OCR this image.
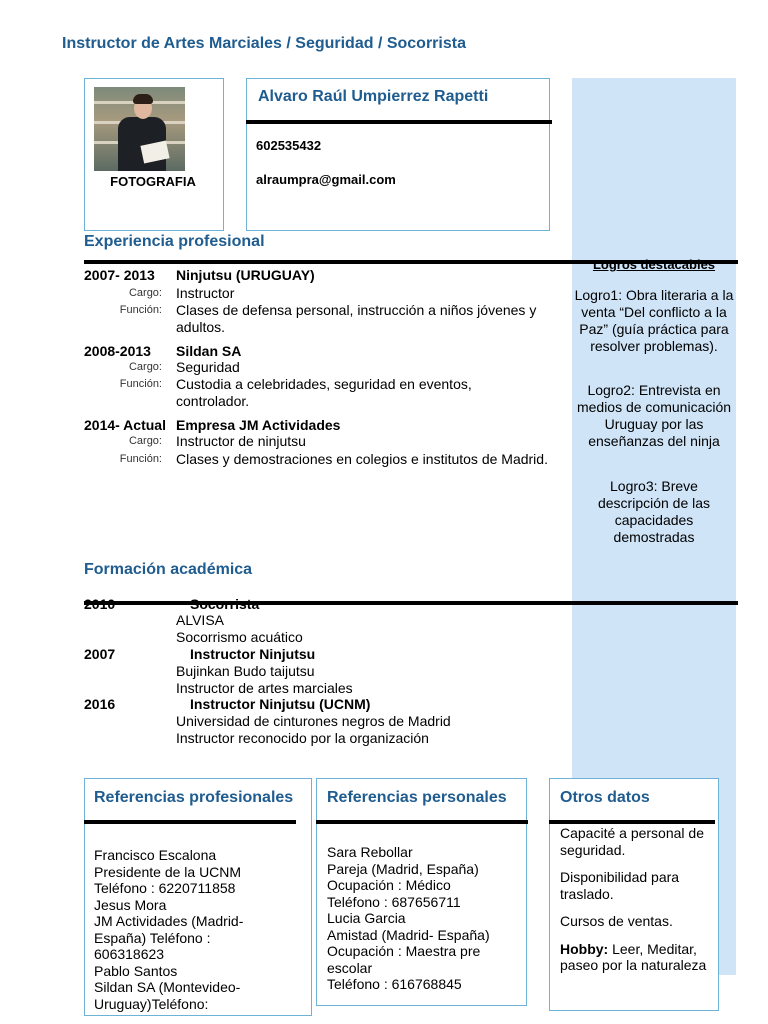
Instructor de Artes Marciales / Seguridad / Socorrista
FOTOGRAFIA
Alvaro Raúl Umpierrez Rapetti
602535432
alraumpra@gmail.com
Experiencia profesional
2007- 2013 Ninjutsu (URUGUAY)
Cargo: Instructor
Función: Clases de defensa personal, instrucción a niños jóvenes y adultos.
2008-2013 Sildan SA
Cargo: Seguridad
Función: Custodia a celebridades, seguridad en eventos, controlador.
2014- Actual Empresa JM Actividades
Cargo: Instructor de ninjutsu
Función: Clases y demostraciones en colegios e institutos de Madrid.
Logros destacables
Logro1: Obra literaria a la venta “Del conflicto a la Paz” (guía práctica para resolver problemas).
Logro2: Entrevista en medios de comunicación Uruguay por las enseñanzas del ninja
Logro3: Breve descripción de las capacidades demostradas
Formación académica
ALVISA
Socorrismo acuático
2007	Instructor Ninjutsu
Bujinkan Budo taijutsu
Instructor de artes marciales
2016	Instructor Ninjutsu (UCNM)
Universidad de cinturones negros de Madrid
Instructor reconocido por la organización
Referencias profesionales
Francisco Escalona
Presidente de la UCNM
Teléfono : 6220711858
Jesus Mora
JM Actividades (Madrid-
España) Teléfono :
606318623
Pablo Santos
Sildan SA (Montevideo-
Uruguay)Teléfono:
Referencias personales
Sara Rebollar
Pareja (Madrid, España)
Ocupación : Médico
Teléfono : 687656711
Lucia Garcia
Amistad (Madrid- España)
Ocupación : Maestra pre
escolar
Teléfono : 616768845
Otros datos
Capacité a personal de seguridad.
Disponibilidad para traslado.
Cursos de ventas.
Hobby: Leer, Meditar, paseo por la naturaleza
